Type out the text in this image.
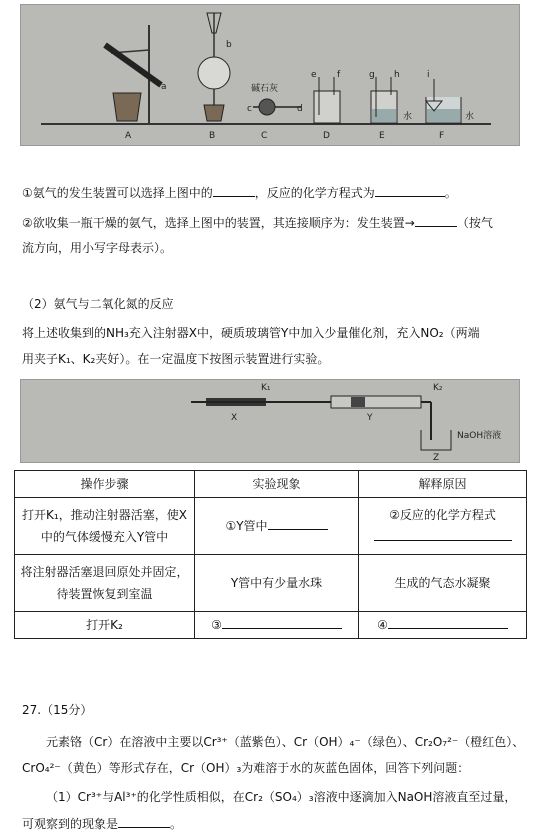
a
A
b
B
碱石灰
c	d
C
e f
D
g h
水
E
i
水
F
①氨气的发生装置可以选择上图中的	，反应的化学方程式为	。
②欲收集一瓶干燥的氨气，选择上图中的装置，其连接顺序为：发生装置→	（按气
流方向，用小写字母表示）。
（2）氨气与二氧化氮的反应
将上述收集到的NH₃充入注射器X中，硬质玻璃管Y中加入少量催化剂，充入NO₂（两端
用夹子K₁、K₂夹好）。在一定温度下按图示装置进行实验。
K₁	K₂
X	Y
Z
NaOH溶液
操作步骤	实验现象	解释原因

打开K₁，推动注射器活塞，使X
中的气体缓慢充入Y管中	①Y管中	②反应的化学方程式

将注射器活塞退回原处并固定，
待装置恢复到室温	Y管中有少量水珠	生成的气态水凝聚
打开K₂	③	④
27.（15分）
元素铬（Cr）在溶液中主要以Cr³⁺（蓝紫色）、Cr（OH）₄⁻（绿色）、Cr₂O₇²⁻（橙红色）、
CrO₄²⁻（黄色）等形式存在，Cr（OH）₃为难溶于水的灰蓝色固体，回答下列问题：
（1）Cr³⁺与Al³⁺的化学性质相似，在Cr₂（SO₄）₃溶液中逐滴加入NaOH溶液直至过量，
可观察到的现象是	。
